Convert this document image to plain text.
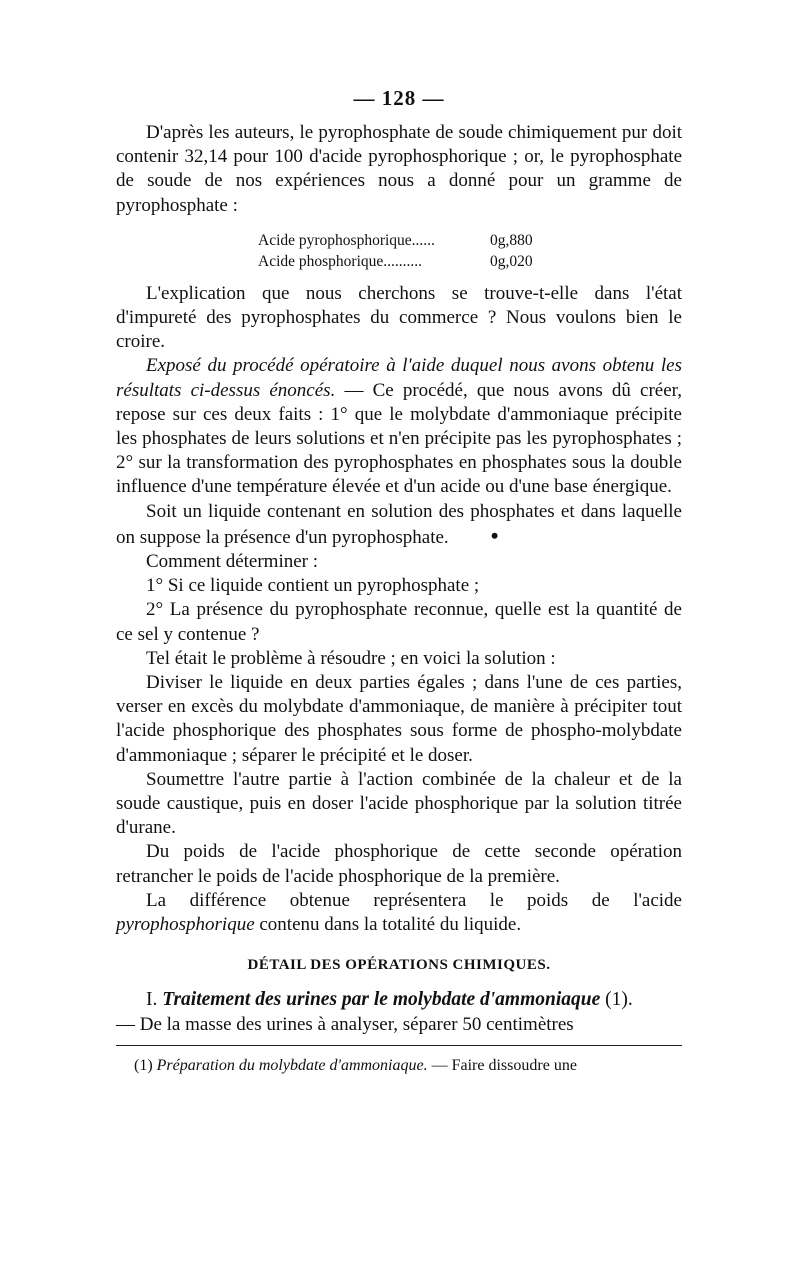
— 128 —

D'après les auteurs, le pyrophosphate de soude chimiquement pur doit contenir 32,14 pour 100 d'acide pyrophosphorique ; or, le pyrophosphate de soude de nos expériences nous a donné pour un gramme de pyrophosphate :

Acide pyrophosphorique......	0g,880
Acide phosphorique..........	0g,020

L'explication que nous cherchons se trouve-t-elle dans l'état d'impureté des pyrophosphates du commerce ? Nous voulons bien le croire.

Exposé du procédé opératoire à l'aide duquel nous avons obtenu les résultats ci-dessus énoncés. — Ce procédé, que nous avons dû créer, repose sur ces deux faits : 1° que le molybdate d'ammoniaque précipite les phosphates de leurs solutions et n'en précipite pas les pyrophosphates ; 2° sur la transformation des pyrophosphates en phosphates sous la double influence d'une température élevée et d'un acide ou d'une base énergique.

Soit un liquide contenant en solution des phosphates et dans laquelle on suppose la présence d'un pyrophosphate. •

Comment déterminer :

1° Si ce liquide contient un pyrophosphate ;

2° La présence du pyrophosphate reconnue, quelle est la quantité de ce sel y contenue ?

Tel était le problème à résoudre ; en voici la solution :

Diviser le liquide en deux parties égales ; dans l'une de ces parties, verser en excès du molybdate d'ammoniaque, de manière à précipiter tout l'acide phosphorique des phosphates sous forme de phospho-molybdate d'ammoniaque ; séparer le précipité et le doser.

Soumettre l'autre partie à l'action combinée de la chaleur et de la soude caustique, puis en doser l'acide phosphorique par la solution titrée d'urane.

Du poids de l'acide phosphorique de cette seconde opération retrancher le poids de l'acide phosphorique de la première.

La différence obtenue représentera le poids de l'acide pyrophosphorique contenu dans la totalité du liquide.

DÉTAIL DES OPÉRATIONS CHIMIQUES.

I. Traitement des urines par le molybdate d'ammoniaque (1).

— De la masse des urines à analyser, séparer 50 centimètres

(1) Préparation du molybdate d'ammoniaque. — Faire dissoudre une
